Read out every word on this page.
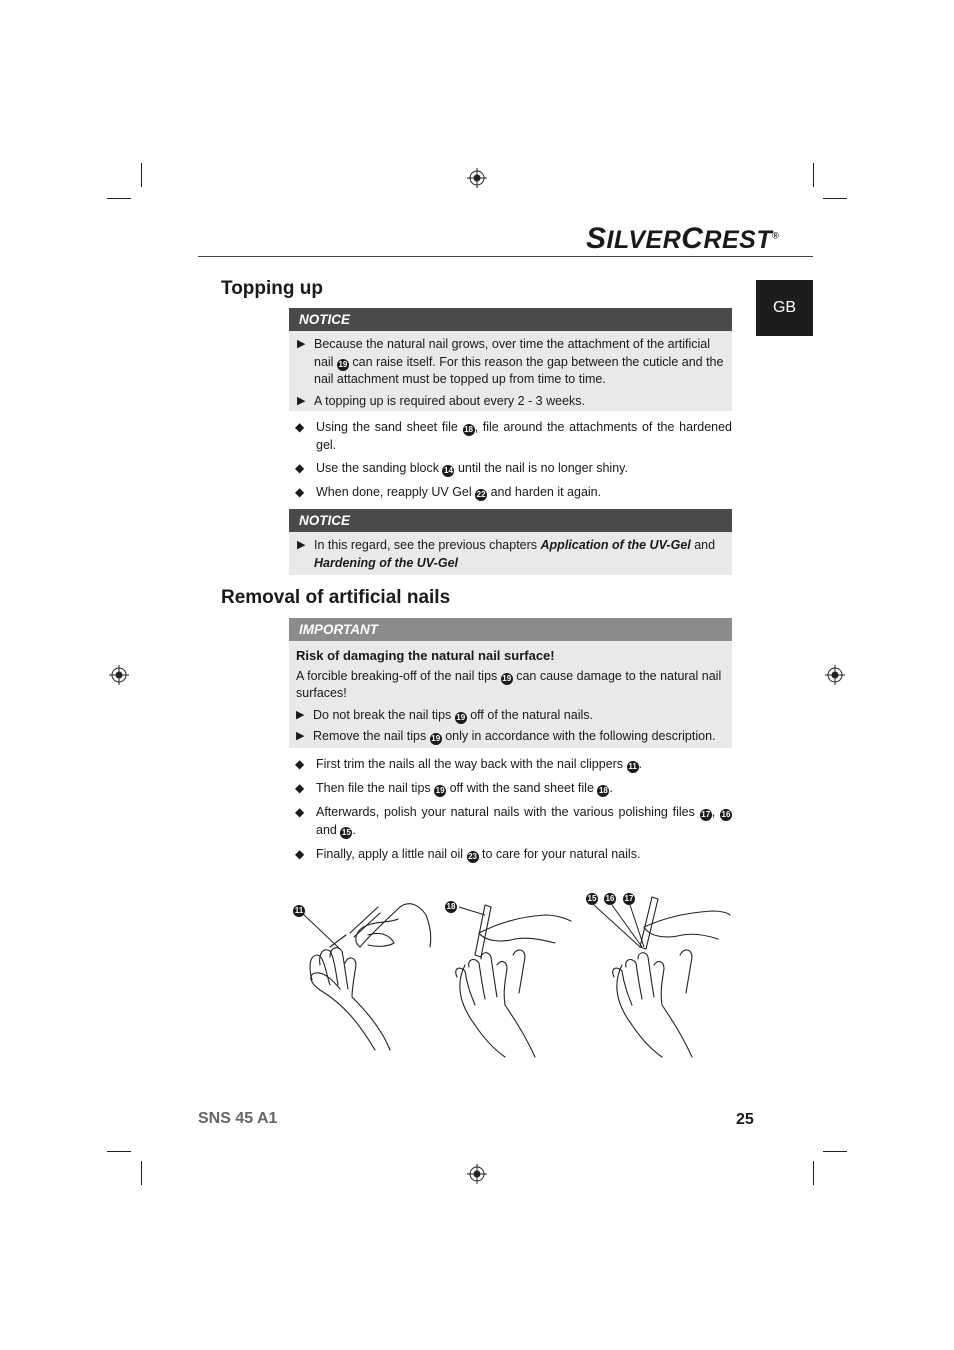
SILVERCREST®
GB
Topping up
NOTICE
▶ Because the natural nail grows, over time the attachment of the artificial nail 19 can raise itself. For this reason the gap between the cuticle and the nail attachment must be topped up from time to time.
▶ A topping up is required about every 2 - 3 weeks.
◆ Using the sand sheet file 18 , file around the attachments of the hardened gel.
◆ Use the sanding block 14 until the nail is no longer shiny.
◆ When done, reapply UV Gel 22 and harden it again.
NOTICE
▶ In this regard, see the previous chapters Application of the UV-Gel and Hardening of the UV-Gel
Removal of artificial nails
IMPORTANT
Risk of damaging the natural nail surface!
A forcible breaking-off of the nail tips 19 can cause damage to the natural nail surfaces!
▶ Do not break the nail tips 19 off of the natural nails.
▶ Remove the nail tips 19 only in accordance with the following description.
◆ First trim the nails all the way back with the nail clippers 11 .
◆ Then file the nail tips 19 off with the sand sheet file 18 .
◆ Afterwards, polish your natural nails with the various polishing files 17 , 16 and 15 .
◆ Finally, apply a little nail oil 23 to care for your natural nails.
11	18
15 16 17
SNS 45 A1	25
